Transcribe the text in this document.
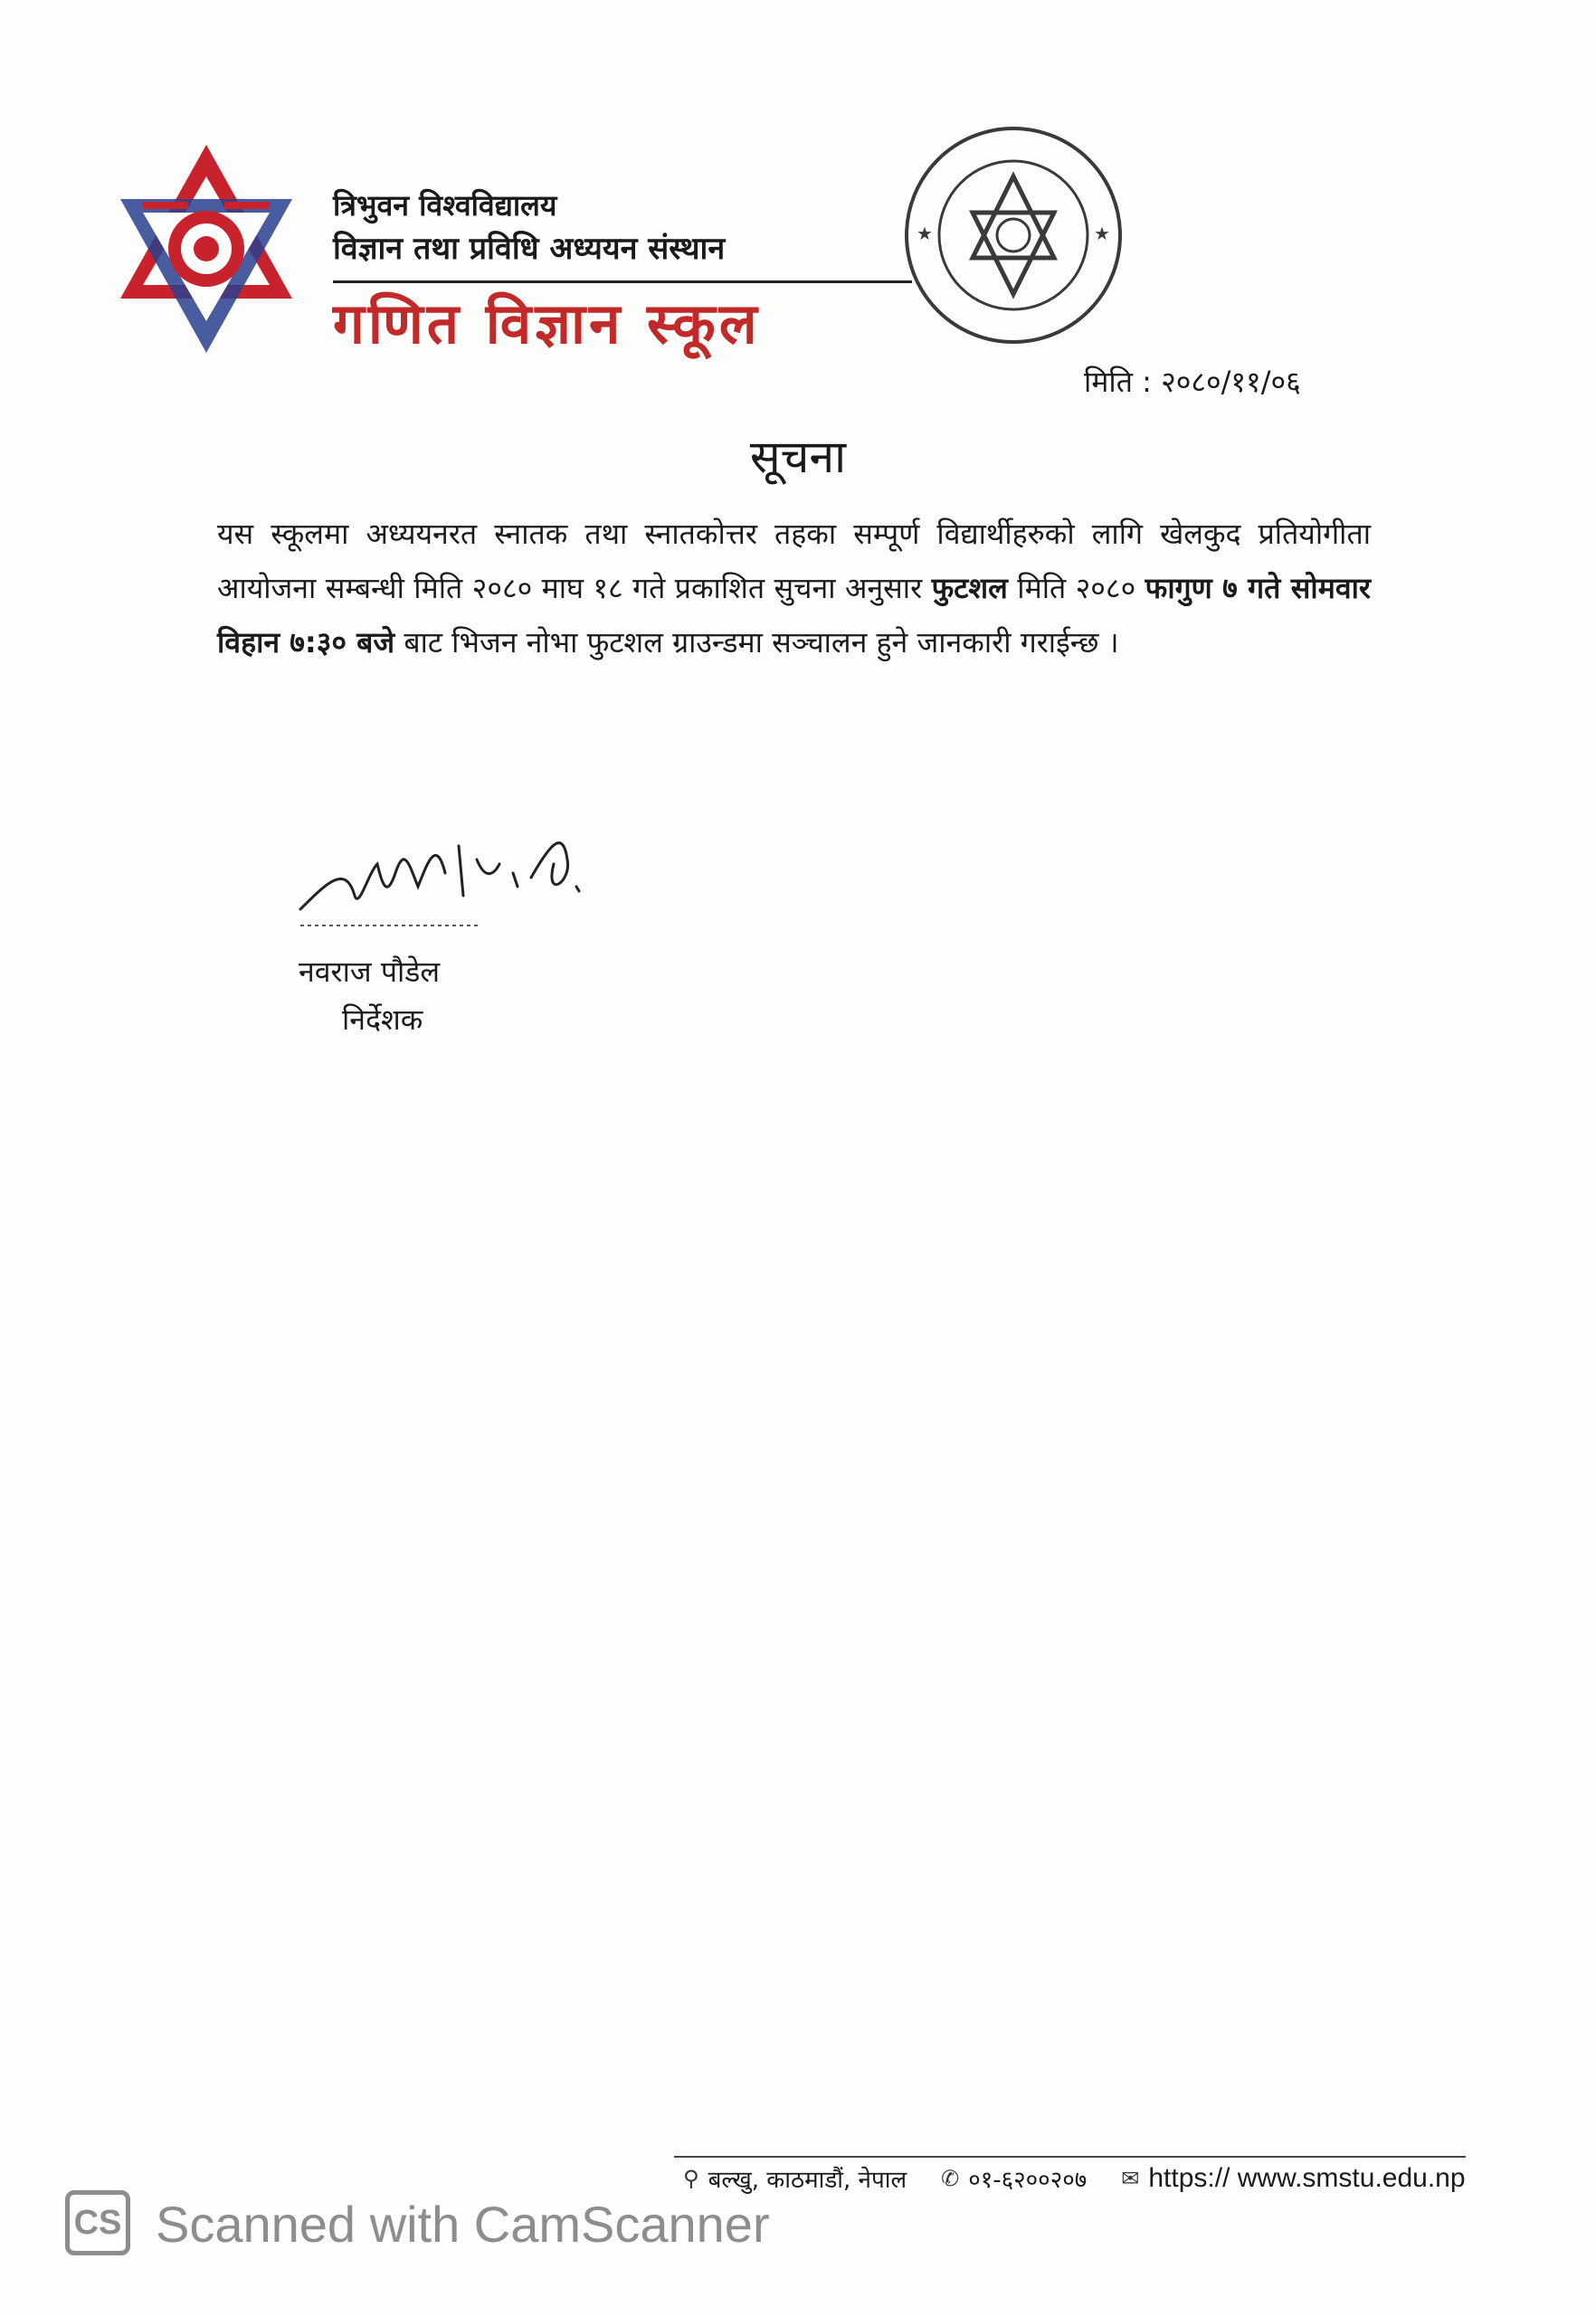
त्रिभुवन विश्वविद्यालय
विज्ञान तथा प्रविधि अध्ययन संस्थान
गणित विज्ञान स्कूल
★	★
मिति : २०८०/११/०६
सूचना
यस स्कूलमा अध्ययनरत स्नातक तथा स्नातकोत्तर तहका सम्पूर्ण विद्यार्थीहरुको लागि खेलकुद प्रतियोगीता आयोजना सम्बन्धी मिति २०८० माघ १८ गते प्रकाशित सुचना अनुसार फुटशल मिति २०८० फागुण ७ गते सोमवार विहान ७:३० बजे बाट भिजन नोभा फुटशल ग्राउन्डमा सञ्चालन हुने जानकारी गराईन्छ ।
नवराज पौडेल
निर्देशक
⚲ बल्खु, काठमाडौं, नेपाल ✆ ०१-६२००२०७ ✉ https:// www.smstu.edu.np
CS Scanned with CamScanner
